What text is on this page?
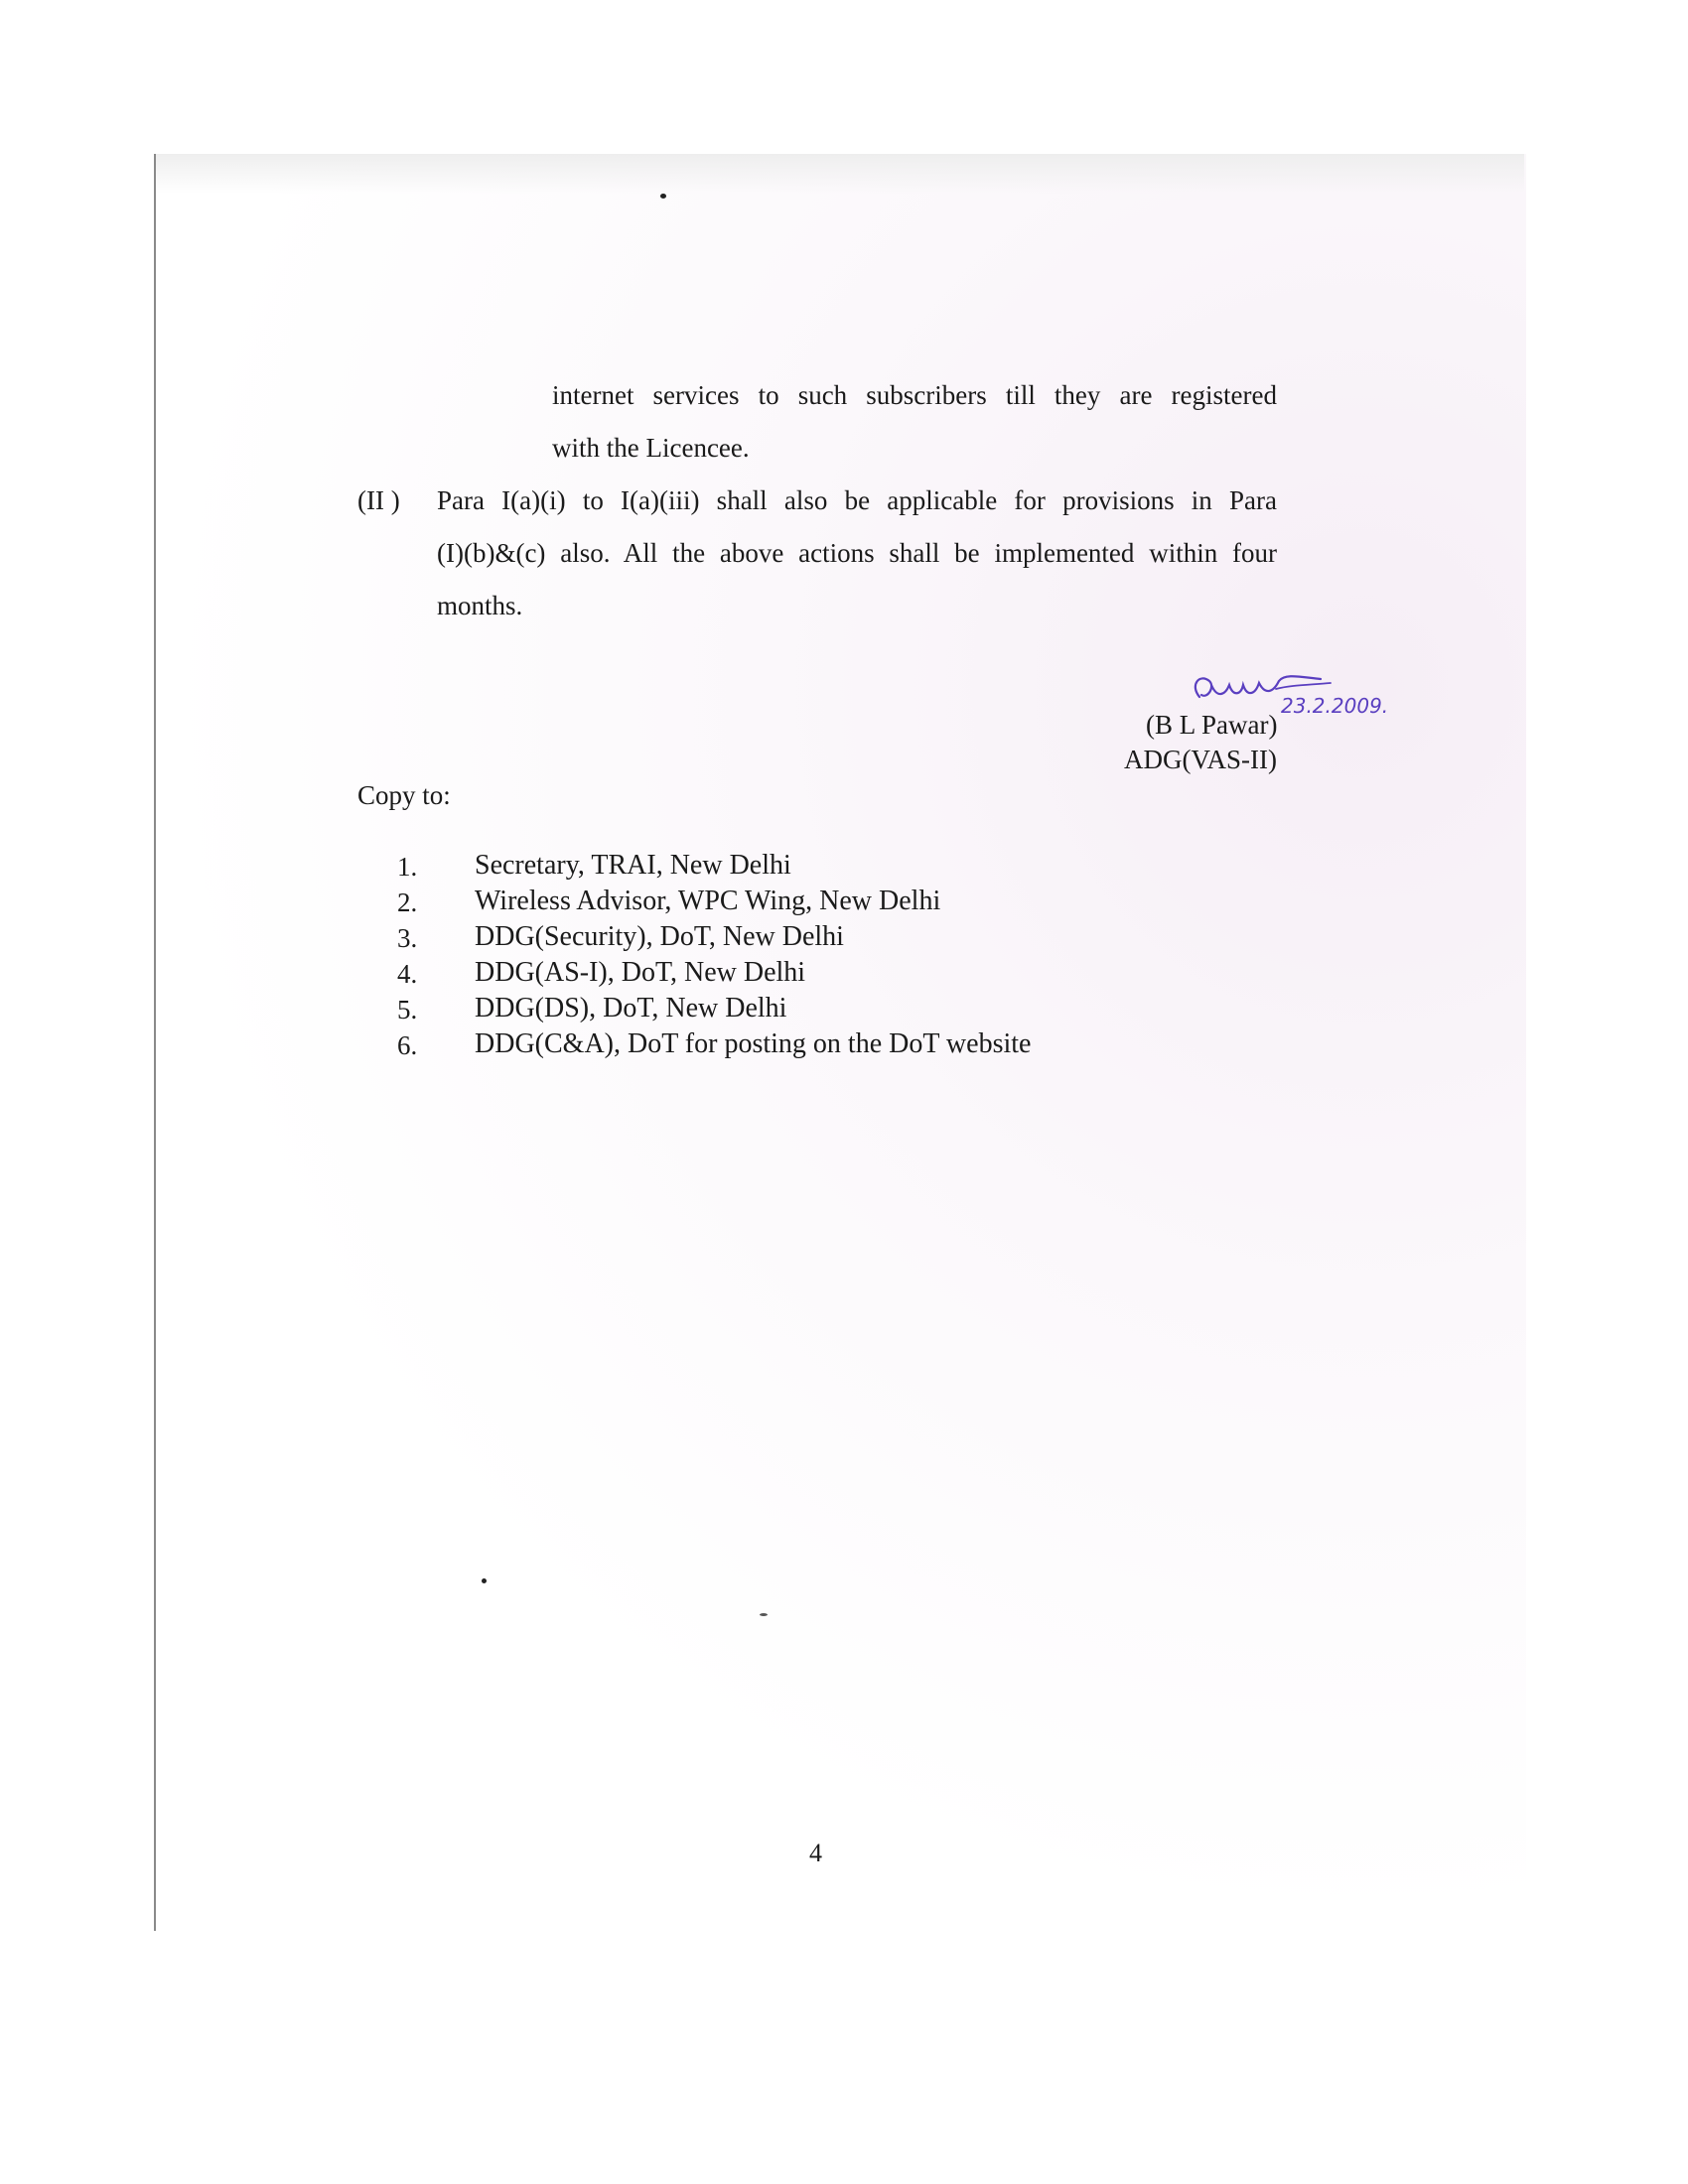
internet services to such subscribers till they are registered
with the Licencee.
(II ) Para I(a)(i) to I(a)(iii) shall also be applicable for provisions in Para
(I)(b)&(c) also. All the above actions shall be implemented within four
months.
23.2.2009.
(B L Pawar)
ADG(VAS-II)
Copy to:
1.	Secretary, TRAI, New Delhi
2.	Wireless Advisor, WPC Wing, New Delhi
3.	DDG(Security), DoT, New Delhi
4.	DDG(AS-I), DoT, New Delhi
5.	DDG(DS), DoT, New Delhi
6.	DDG(C&A), DoT for posting on the DoT website
4
